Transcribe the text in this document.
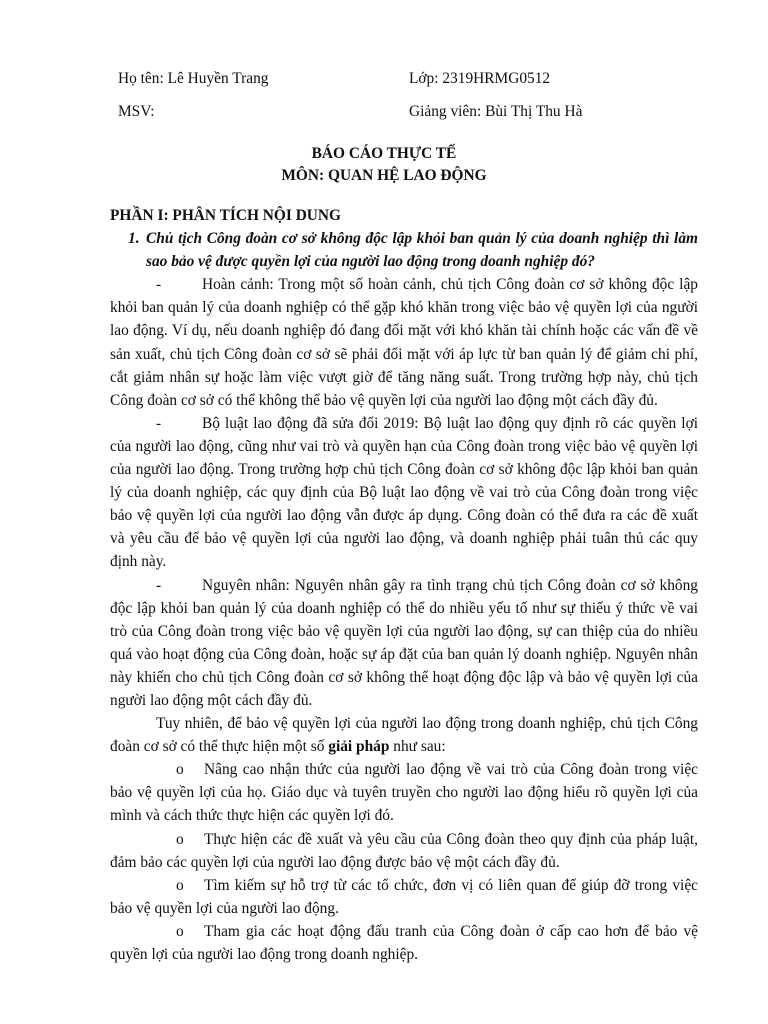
Họ tên: Lê Huyền Trang	Lớp: 2319HRMG0512
MSV:	Giảng viên: Bùi Thị Thu Hà
BÁO CÁO THỰC TẾ
MÔN: QUAN HỆ LAO ĐỘNG

PHẦN I: PHÂN TÍCH NỘI DUNG

1. Chủ tịch Công đoàn cơ sở không độc lập khỏi ban quản lý của doanh nghiệp thì làm sao bảo vệ được quyền lợi của người lao động trong doanh nghiệp đó?

-	Hoàn cảnh: Trong một số hoàn cảnh, chủ tịch Công đoàn cơ sở không độc lập khỏi ban quản lý của doanh nghiệp có thể gặp khó khăn trong việc bảo vệ quyền lợi của người lao động. Ví dụ, nếu doanh nghiệp đó đang đối mặt với khó khăn tài chính hoặc các vấn đề về sản xuất, chủ tịch Công đoàn cơ sở sẽ phải đối mặt với áp lực từ ban quản lý để giảm chi phí, cắt giảm nhân sự hoặc làm việc vượt giờ để tăng năng suất. Trong trường hợp này, chủ tịch Công đoàn cơ sở có thể không thể bảo vệ quyền lợi của người lao động một cách đầy đủ.

-	Bộ luật lao động đã sửa đổi 2019: Bộ luật lao động quy định rõ các quyền lợi của người lao động, cũng như vai trò và quyền hạn của Công đoàn trong việc bảo vệ quyền lợi của người lao động. Trong trường hợp chủ tịch Công đoàn cơ sở không độc lập khỏi ban quản lý của doanh nghiệp, các quy định của Bộ luật lao động về vai trò của Công đoàn trong việc bảo vệ quyền lợi của người lao động vẫn được áp dụng. Công đoàn có thể đưa ra các đề xuất và yêu cầu để bảo vệ quyền lợi của người lao động, và doanh nghiệp phải tuân thủ các quy định này.

-	Nguyên nhân: Nguyên nhân gây ra tình trạng chủ tịch Công đoàn cơ sở không độc lập khỏi ban quản lý của doanh nghiệp có thể do nhiều yếu tố như sự thiếu ý thức về vai trò của Công đoàn trong việc bảo vệ quyền lợi của người lao động, sự can thiệp của do nhiều quá vào hoạt động của Công đoàn, hoặc sự áp đặt của ban quản lý doanh nghiệp. Nguyên nhân này khiến cho chủ tịch Công đoàn cơ sở không thể hoạt động độc lập và bảo vệ quyền lợi của người lao động một cách đầy đủ.

Tuy nhiên, để bảo vệ quyền lợi của người lao động trong doanh nghiệp, chủ tịch Công đoàn cơ sở có thể thực hiện một số giải pháp như sau:

o Nâng cao nhận thức của người lao động về vai trò của Công đoàn trong việc bảo vệ quyền lợi của họ. Giáo dục và tuyên truyền cho người lao động hiểu rõ quyền lợi của mình và cách thức thực hiện các quyền lợi đó.

o Thực hiện các đề xuất và yêu cầu của Công đoàn theo quy định của pháp luật, đảm bảo các quyền lợi của người lao động được bảo vệ một cách đầy đủ.

o Tìm kiếm sự hỗ trợ từ các tổ chức, đơn vị có liên quan để giúp đỡ trong việc bảo vệ quyền lợi của người lao động.

o Tham gia các hoạt động đấu tranh của Công đoàn ở cấp cao hơn để bảo vệ quyền lợi của người lao động trong doanh nghiệp.
